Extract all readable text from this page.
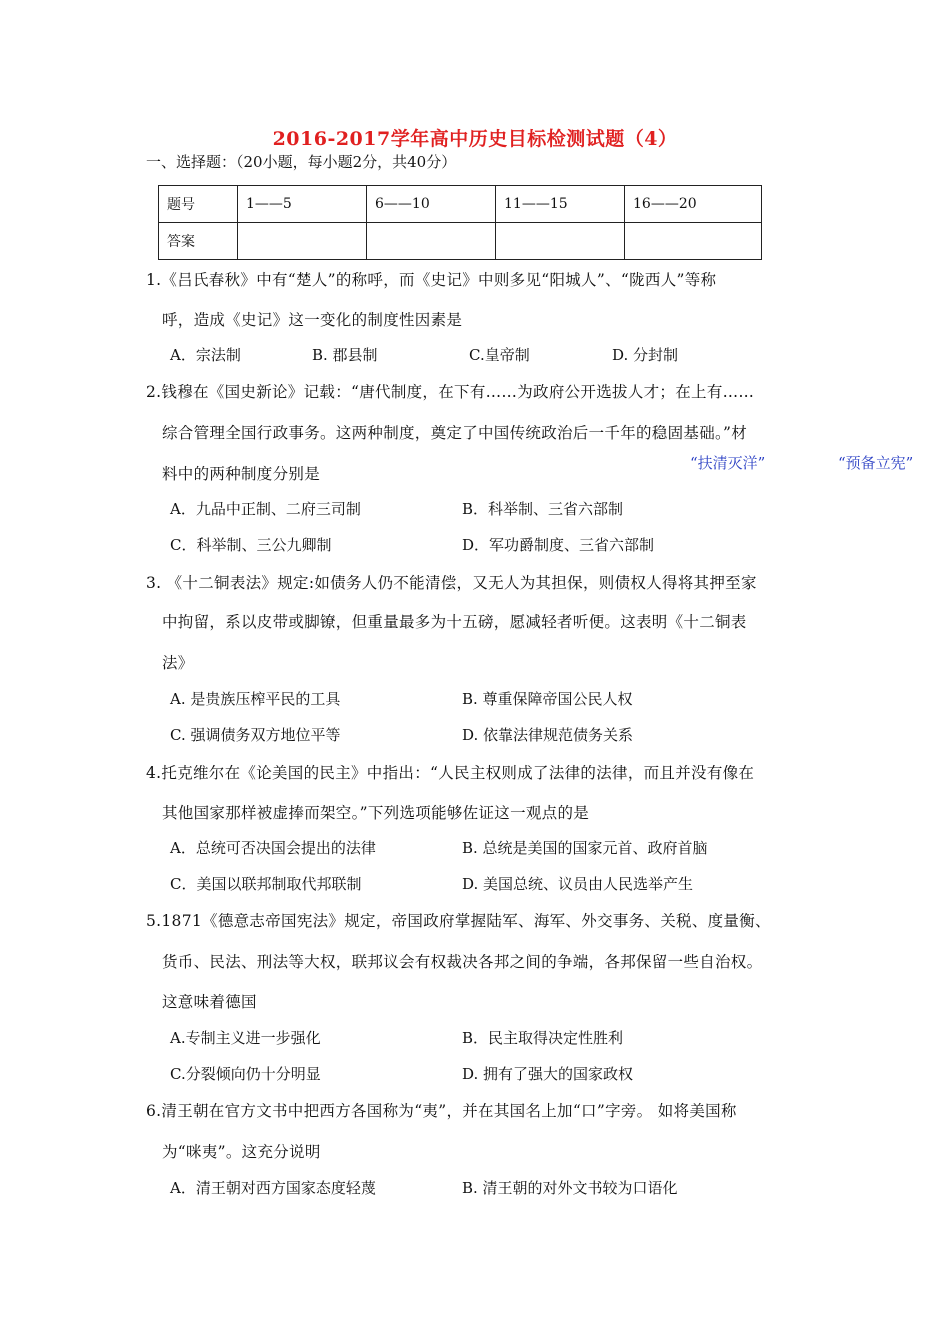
2016-2017学年高中历史目标检测试题（4）
一、选择题：（20小题，每小题2分，共40分）
题号	1——5	6——10	11——15	16——20
答案				
1.《吕氏春秋》中有“楚人”的称呼，而《史记》中则多见“阳城人”、“陇西人”等称
呼，造成《史记》这一变化的制度性因素是
A．宗法制	B. 郡县制	C.皇帝制	D. 分封制
2.钱穆在《国史新论》记载：“唐代制度，在下有……为政府公开选拔人才；在上有……
综合管理全国行政事务。这两种制度，奠定了中国传统政治后一千年的稳固基础。”材
料中的两种制度分别是
“扶清灭洋”	“预备立宪”
A．九品中正制、二府三司制	B．科举制、三省六部制
C．科举制、三公九卿制	D．军功爵制度、三省六部制
3. 《十二铜表法》规定:如债务人仍不能清偿，又无人为其担保，则债权人得将其押至家
中拘留，系以皮带或脚镣，但重量最多为十五磅，愿减轻者听便。这表明《十二铜表
法》
A. 是贵族压榨平民的工具	B. 尊重保障帝国公民人权
C. 强调债务双方地位平等	D. 依靠法律规范债务关系
4.托克维尔在《论美国的民主》中指出：“人民主权则成了法律的法律，而且并没有像在
其他国家那样被虚捧而架空。”下列选项能够佐证这一观点的是
A．总统可否决国会提出的法律	B. 总统是美国的国家元首、政府首脑
C．美国以联邦制取代邦联制	D. 美国总统、议员由人民选举产生
5.1871《德意志帝国宪法》规定，帝国政府掌握陆军、海军、外交事务、关税、度量衡、
货币、民法、刑法等大权，联邦议会有权裁决各邦之间的争端，各邦保留一些自治权。
这意味着德国
A.专制主义进一步强化	B．民主取得决定性胜利
C.分裂倾向仍十分明显	D. 拥有了强大的国家政权
6.清王朝在官方文书中把西方各国称为“夷”，并在其国名上加“口”字旁。 如将美国称
为“咪夷”。这充分说明
A．清王朝对西方国家态度轻蔑	B. 清王朝的对外文书较为口语化
